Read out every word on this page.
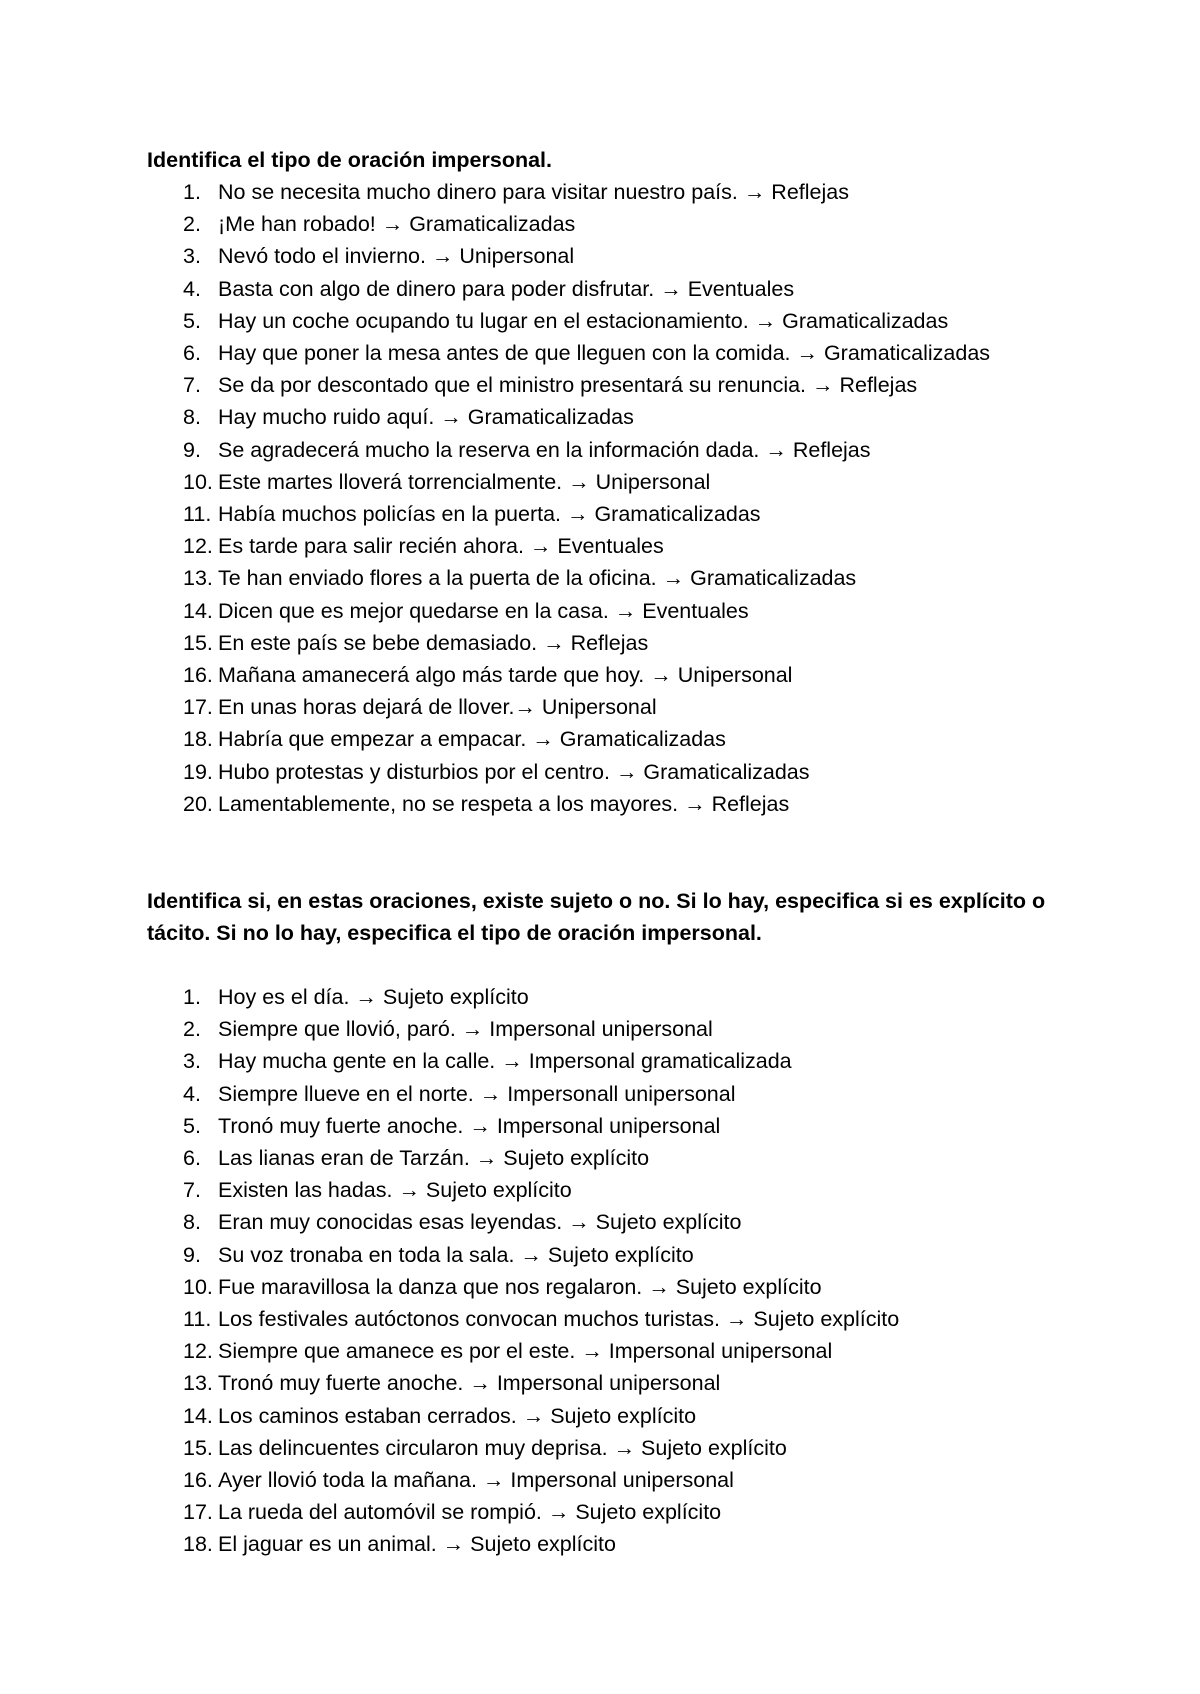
Identifica el tipo de oración impersonal.
1. No se necesita mucho dinero para visitar nuestro país. → Reflejas
2. ¡Me han robado! → Gramaticalizadas
3. Nevó todo el invierno. → Unipersonal
4. Basta con algo de dinero para poder disfrutar. → Eventuales
5. Hay un coche ocupando tu lugar en el estacionamiento. → Gramaticalizadas
6. Hay que poner la mesa antes de que lleguen con la comida. → Gramaticalizadas
7. Se da por descontado que el ministro presentará su renuncia. → Reflejas
8. Hay mucho ruido aquí. → Gramaticalizadas
9. Se agradecerá mucho la reserva en la información dada. → Reflejas
10. Este martes lloverá torrencialmente. → Unipersonal
11. Había muchos policías en la puerta. → Gramaticalizadas
12. Es tarde para salir recién ahora. → Eventuales
13. Te han enviado flores a la puerta de la oficina. → Gramaticalizadas
14. Dicen que es mejor quedarse en la casa. → Eventuales
15. En este país se bebe demasiado. → Reflejas
16. Mañana amanecerá algo más tarde que hoy. → Unipersonal
17. En unas horas dejará de llover.→ Unipersonal
18. Habría que empezar a empacar. → Gramaticalizadas
19. Hubo protestas y disturbios por el centro. → Gramaticalizadas
20. Lamentablemente, no se respeta a los mayores. → Reflejas
Identifica si, en estas oraciones, existe sujeto o no. Si lo hay, especifica si es explícito o tácito. Si no lo hay, especifica el tipo de oración impersonal.
1. Hoy es el día. → Sujeto explícito
2. Siempre que llovió, paró. → Impersonal unipersonal
3. Hay mucha gente en la calle. → Impersonal gramaticalizada
4. Siempre llueve en el norte. → Impersonall unipersonal
5. Tronó muy fuerte anoche. → Impersonal unipersonal
6. Las lianas eran de Tarzán. → Sujeto explícito
7. Existen las hadas. → Sujeto explícito
8. Eran muy conocidas esas leyendas. → Sujeto explícito
9. Su voz tronaba en toda la sala. → Sujeto explícito
10. Fue maravillosa la danza que nos regalaron. → Sujeto explícito
11. Los festivales autóctonos convocan muchos turistas. → Sujeto explícito
12. Siempre que amanece es por el este. → Impersonal unipersonal
13. Tronó muy fuerte anoche. → Impersonal unipersonal
14. Los caminos estaban cerrados. → Sujeto explícito
15. Las delincuentes circularon muy deprisa. → Sujeto explícito
16. Ayer llovió toda la mañana. → Impersonal unipersonal
17. La rueda del automóvil se rompió. → Sujeto explícito
18. El jaguar es un animal. → Sujeto explícito
